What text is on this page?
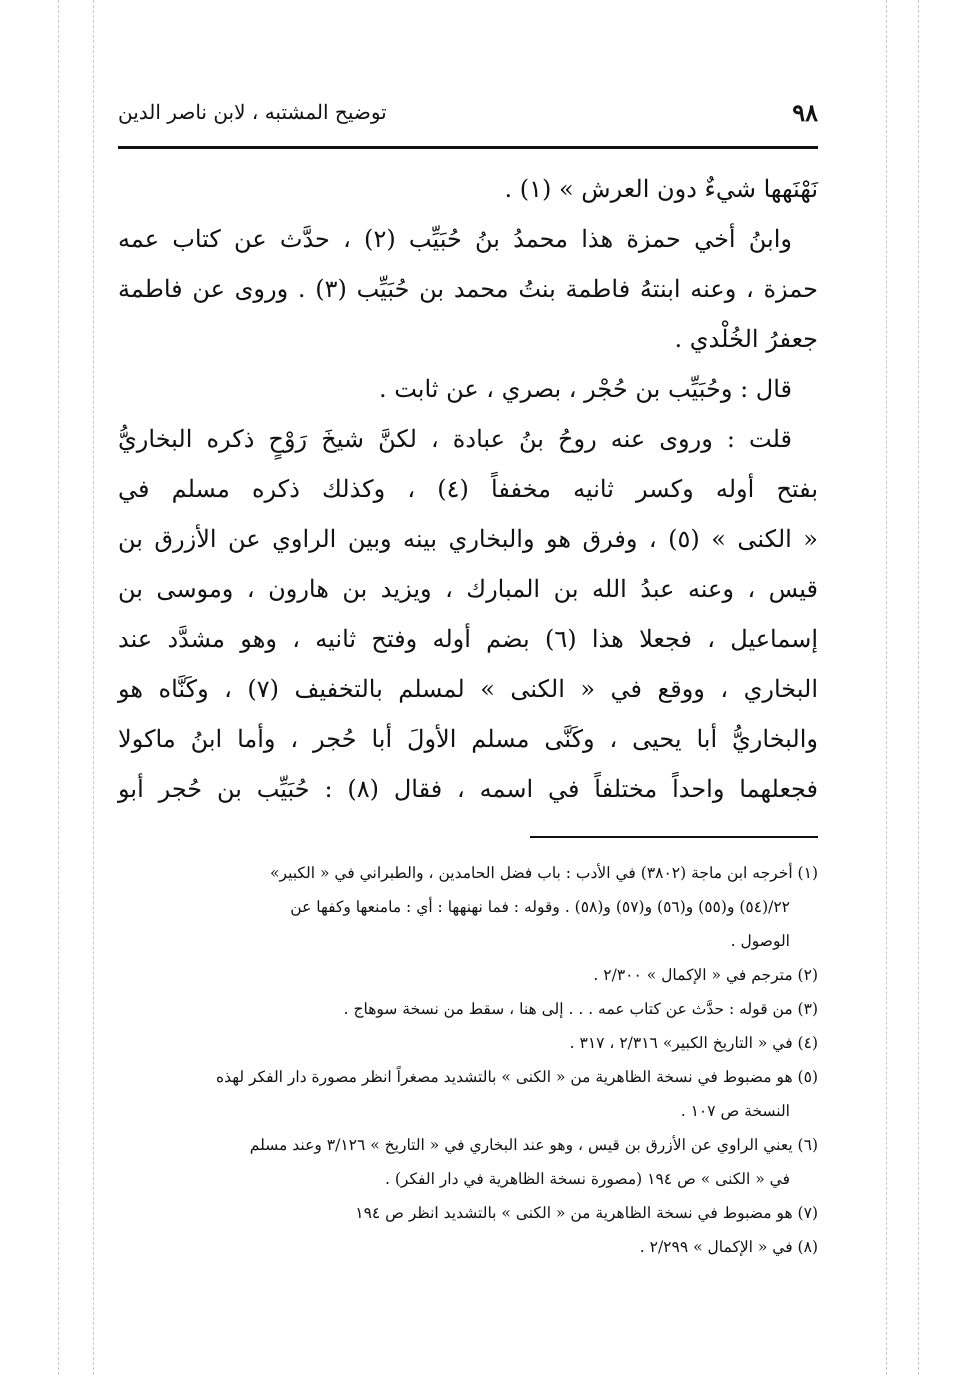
٩٨
توضيح المشتبه ، لابن ناصر الدين
نَهْنَهها شيءٌ دون العرش » (١) .
وابنُ أخي حمزة هذا محمدُ بنُ حُبَيِّب (٢) ، حدَّث عن كتاب عمه
حمزة ، وعنه ابنتهُ فاطمة بنتُ محمد بن حُبَيِّب (٣) . وروى عن فاطمة
جعفرُ الخُلْدي .
قال : وحُبَيِّب بن حُجْر ، بصري ، عن ثابت .
قلت : وروى عنه روحُ بنُ عبادة ، لكنَّ شيخَ رَوْحٍ ذكره البخاريُّ
بفتح أوله وكسر ثانيه مخففاً (٤) ، وكذلك ذكره مسلم في
« الكنى » (٥) ، وفرق هو والبخاري بينه وبين الراوي عن الأزرق بن
قيس ، وعنه عبدُ الله بن المبارك ، ويزيد بن هارون ، وموسى بن
إسماعيل ، فجعلا هذا (٦) بضم أوله وفتح ثانيه ، وهو مشدَّد عند
البخاري ، ووقع في « الكنى » لمسلم بالتخفيف (٧) ، وكَنَّاه هو
والبخاريُّ أبا يحيى ، وكَنَّى مسلم الأولَ أبا حُجر ، وأما ابنُ ماكولا
فجعلهما واحداً مختلفاً في اسمه ، فقال (٨) : حُبَيِّب بن حُجر أبو
(١) أخرجه ابن ماجة (٣٨٠٢) في الأدب : باب فضل الحامدين ، والطبراني في « الكبير»
٢٢/(٥٤) و(٥٥) و(٥٦) و(٥٧) و(٥٨) . وقوله : فما نهنهها : أي : مامنعها وكفها عن
الوصول .
(٢) مترجم في « الإكمال » ٢/٣٠٠ .
(٣) من قوله : حدَّث عن كتاب عمه . . . إلى هنا ، سقط من نسخة سوهاج .
(٤) في « التاريخ الكبير» ٢/٣١٦ ، ٣١٧ .
(٥) هو مضبوط في نسخة الظاهرية من « الكنى » بالتشديد مصغراً انظر مصورة دار الفكر لهذه
النسخة ص ١٠٧ .
(٦) يعني الراوي عن الأزرق بن قيس ، وهو عند البخاري في « التاريخ » ٣/١٢٦ وعند مسلم
في « الكنى » ص ١٩٤ (مصورة نسخة الظاهرية في دار الفكر) .
(٧) هو مضبوط في نسخة الظاهرية من « الكنى » بالتشديد انظر ص ١٩٤
(٨) في « الإكمال » ٢/٢٩٩ .
